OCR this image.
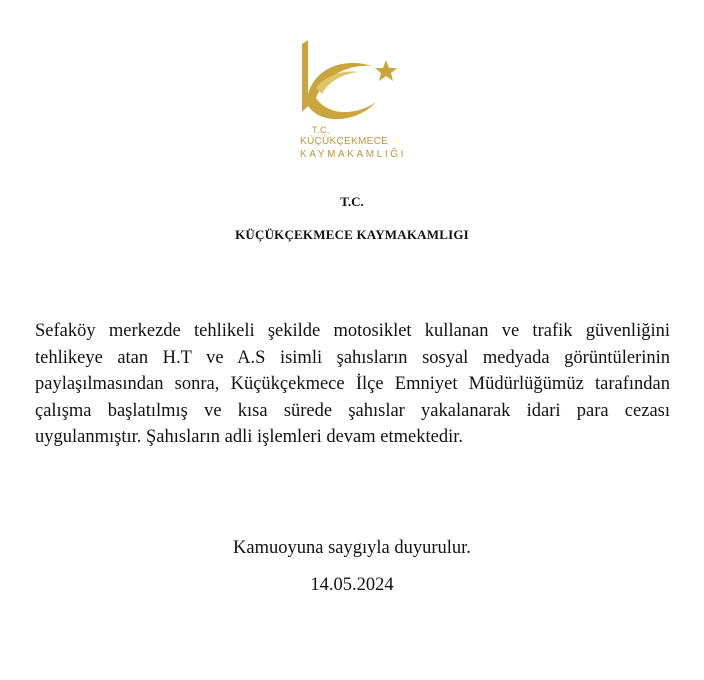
T.C.
KÜÇÜKÇEKMECE
KAYMAKAMLIĞI
T.C.
KÜÇÜKÇEKMECE KAYMAKAMLIGI

Sefaköy merkezde tehlikeli şekilde motosiklet kullanan ve trafik güvenliğini tehlikeye atan H.T ve A.S isimli şahısların sosyal medyada görüntülerinin paylaşılmasından sonra, Küçükçekmece İlçe Emniyet Müdürlüğümüz tarafından çalışma başlatılmış ve kısa sürede şahıslar yakalanarak idari para cezası uygulanmıştır. Şahısların adli işlemleri devam etmektedir.

Kamuoyuna saygıyla duyurulur.
14.05.2024
